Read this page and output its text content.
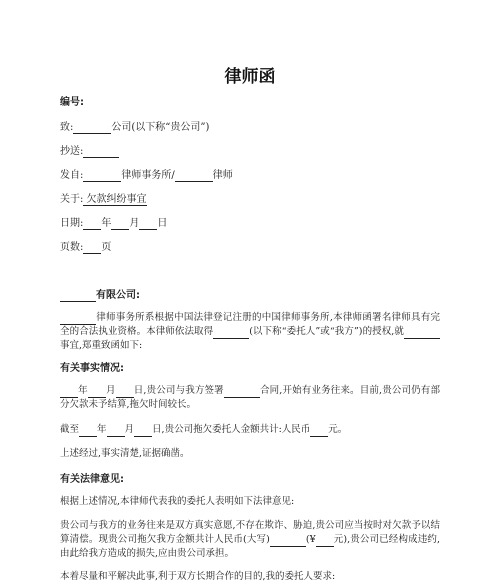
律师函
编号:
致:	公司(以下称“贵公司”)
抄送:
发自:	律师事务所/	律师
关于: 欠款纠纷事宜
日期: 年 月 日
页数: 页
有限公司:
律师事务所系根据中国法律登记注册的中国律师事务所,本律师函署名律师具有完全的合法执业资格。本律师依法取得	(以下称“委托人”或“我方”)的授权,就事宜,郑重致函如下:
有关事实情况:
年 月 日,贵公司与我方签署	合同,开始有业务往来。目前,贵公司仍有部分欠款未予结算,拖欠时间较长。
截至 年 月 日,贵公司拖欠委托人金额共计:人民币 元。
上述经过,事实清楚,证据确凿。
有关法律意见:
根据上述情况,本律师代表我的委托人表明如下法律意见:
贵公司与我方的业务往来是双方真实意愿,不存在欺诈、胁迫,贵公司应当按时对欠款予以结算清偿。现贵公司拖欠我方金额共计人民币(大写)	(¥ 元),贵公司已经构成违约,由此给我方造成的损失,应由贵公司承担。
本着尽量和平解决此事,利于双方长期合作的目的,我的委托人要求:
